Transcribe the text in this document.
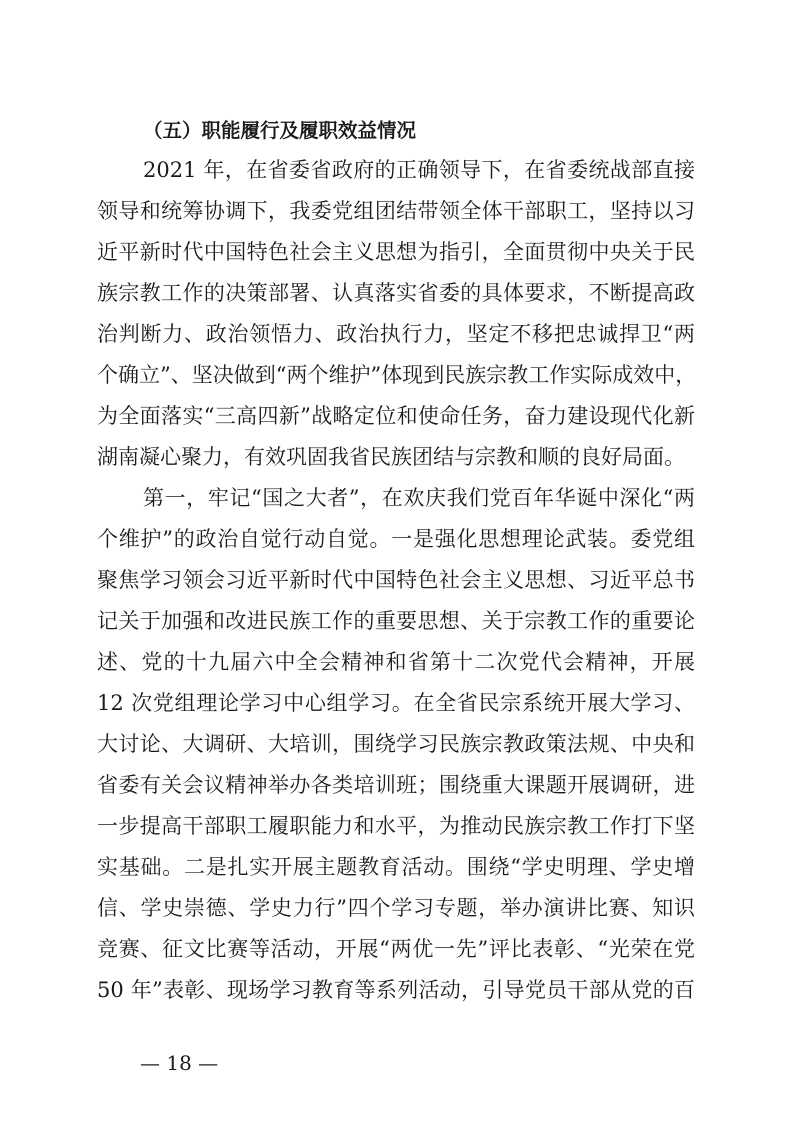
（五）职能履行及履职效益情况
2021 年，在省委省政府的正确领导下，在省委统战部直接
领导和统筹协调下，我委党组团结带领全体干部职工，坚持以习
近平新时代中国特色社会主义思想为指引，全面贯彻中央关于民
族宗教工作的决策部署、认真落实省委的具体要求，不断提高政
治判断力、政治领悟力、政治执行力，坚定不移把忠诚捍卫“两
个确立”、坚决做到“两个维护”体现到民族宗教工作实际成效中，
为全面落实“三高四新”战略定位和使命任务，奋力建设现代化新
湖南凝心聚力，有效巩固我省民族团结与宗教和顺的良好局面。
第一，牢记“国之大者”，在欢庆我们党百年华诞中深化“两
个维护”的政治自觉行动自觉。一是强化思想理论武装。委党组
聚焦学习领会习近平新时代中国特色社会主义思想、习近平总书
记关于加强和改进民族工作的重要思想、关于宗教工作的重要论
述、党的十九届六中全会精神和省第十二次党代会精神，开展
12 次党组理论学习中心组学习。在全省民宗系统开展大学习、
大讨论、大调研、大培训，围绕学习民族宗教政策法规、中央和
省委有关会议精神举办各类培训班；围绕重大课题开展调研，进
一步提高干部职工履职能力和水平，为推动民族宗教工作打下坚
实基础。二是扎实开展主题教育活动。围绕“学史明理、学史增
信、学史崇德、学史力行”四个学习专题，举办演讲比赛、知识
竞赛、征文比赛等活动，开展“两优一先”评比表彰、“光荣在党
50 年”表彰、现场学习教育等系列活动，引导党员干部从党的百
— 18 —
